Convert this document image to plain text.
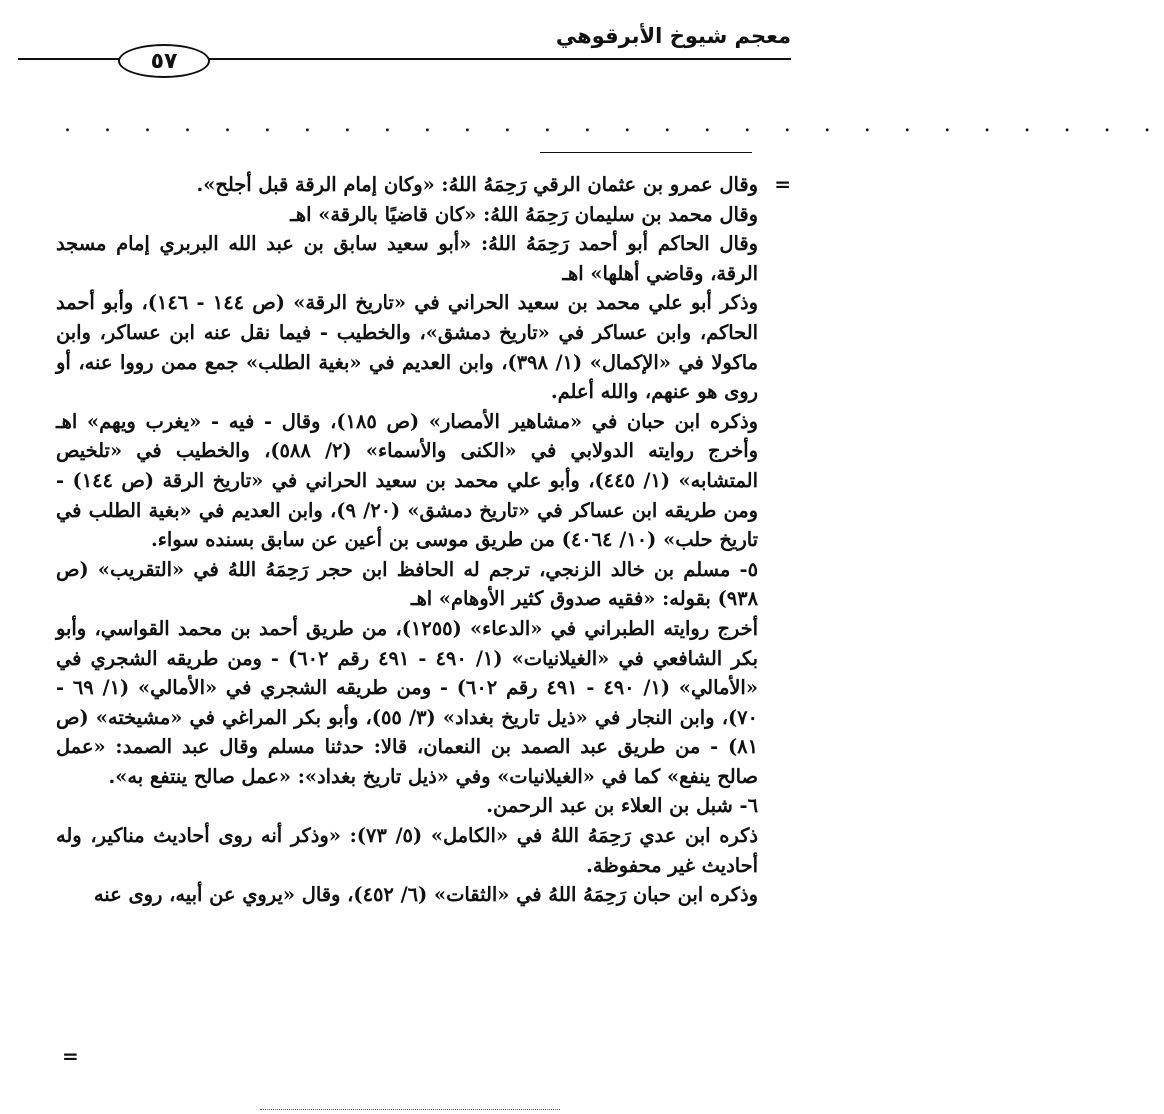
معجم شيوخ الأبرقوهي
٥٧
. . . . . . . . . . . . . . . . . . . . . . . . . . . .
=
=

وقال عمرو بن عثمان الرقي رَحِمَهُ اللهُ: «وكان إمام الرقة قبل أجلح».

وقال محمد بن سليمان رَحِمَهُ اللهُ: «كان قاضيًا بالرقة» اهـ

وقال الحاكم أبو أحمد رَحِمَهُ اللهُ: «أبو سعيد سابق بن عبد الله البربري إمام مسجد الرقة، وقاضي أهلها» اهـ

وذكر أبو علي محمد بن سعيد الحراني في «تاريخ الرقة» (ص ١٤٤ - ١٤٦)، وأبو أحمد الحاكم، وابن عساكر في «تاريخ دمشق»، والخطيب - فيما نقل عنه ابن عساكر، وابن ماكولا في «الإكمال» (١/ ٣٩٨)، وابن العديم في «بغية الطلب» جمع ممن رووا عنه، أو روى هو عنهم، والله أعلم.

وذكره ابن حبان في «مشاهير الأمصار» (ص ١٨٥)، وقال - فيه - «يغرب ويهم» اهـ وأخرج روايته الدولابي في «الكنى والأسماء» (٢/ ٥٨٨)، والخطيب في «تلخيص المتشابه» (١/ ٤٤٥)، وأبو علي محمد بن سعيد الحراني في «تاريخ الرقة (ص ١٤٤) - ومن طريقه ابن عساكر في «تاريخ دمشق» (٢٠/ ٩)، وابن العديم في «بغية الطلب في تاريخ حلب» (١٠/ ٤٠٦٤) من طريق موسى بن أعين عن سابق بسنده سواء.

٥- مسلم بن خالد الزنجي، ترجم له الحافظ ابن حجر رَحِمَهُ اللهُ في «التقريب» (ص ٩٣٨) بقوله: «فقيه صدوق كثير الأوهام» اهـ

أخرج روايته الطبراني في «الدعاء» (١٢٥٥)، من طريق أحمد بن محمد القواسي، وأبو بكر الشافعي في «الغيلانيات» (١/ ٤٩٠ - ٤٩١ رقم ٦٠٢) - ومن طريقه الشجري في «الأمالي» (١/ ٤٩٠ - ٤٩١ رقم ٦٠٢) - ومن طريقه الشجري في «الأمالي» (١/ ٦٩ - ٧٠)، وابن النجار في «ذيل تاريخ بغداد» (٣/ ٥٥)، وأبو بكر المراغي في «مشيخته» (ص ٨١) - من طريق عبد الصمد بن النعمان، قالا: حدثنا مسلم وقال عبد الصمد: «عمل صالح ينفع» كما في «الغيلانيات» وفي «ذيل تاريخ بغداد»: «عمل صالح ينتفع به».

٦- شبل بن العلاء بن عبد الرحمن.

ذكره ابن عدي رَحِمَهُ اللهُ في «الكامل» (٥/ ٧٣): «وذكر أنه روى أحاديث مناكير، وله أحاديث غير محفوظة.

وذكره ابن حبان رَحِمَهُ اللهُ في «الثقات» (٦/ ٤٥٢)، وقال «يروي عن أبيه، روى عنه
